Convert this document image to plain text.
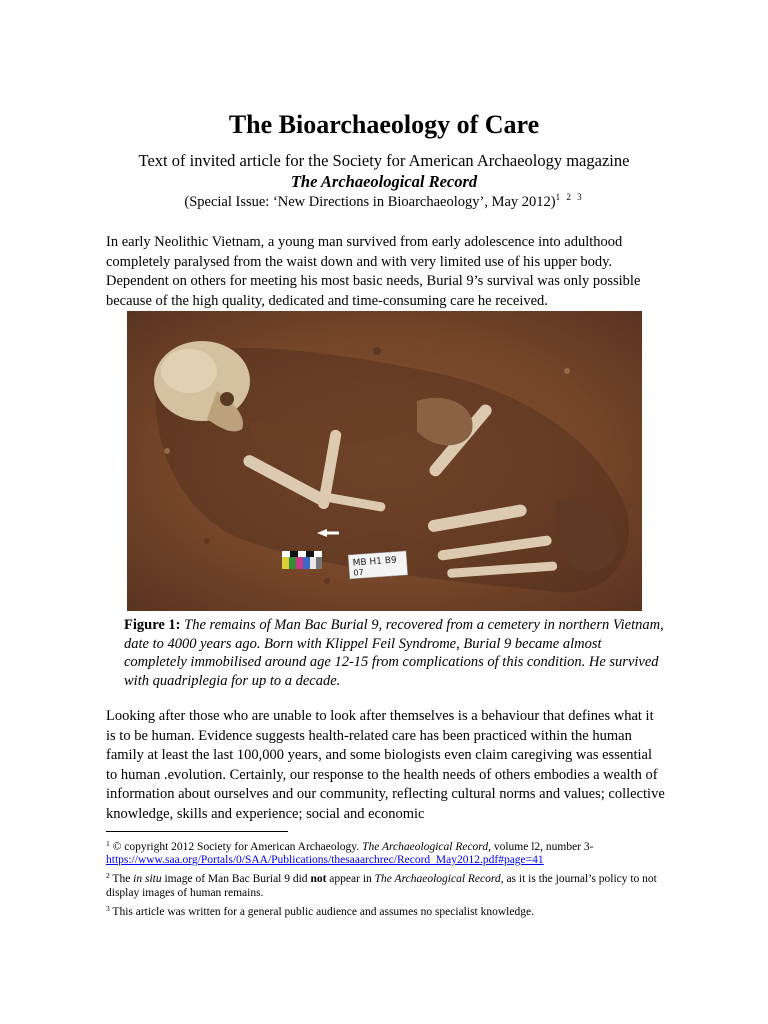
The Bioarchaeology of Care
Text of invited article for the Society for American Archaeology magazine
The Archaeological Record
(Special Issue: ‘New Directions in Bioarchaeology’, May 2012)$^{1 2 3}$

In early Neolithic Vietnam, a young man survived from early adolescence into adulthood completely paralysed from the waist down and with very limited use of his upper body. Dependent on others for meeting his most basic needs, Burial 9’s survival was only possible because of the high quality, dedicated and time-consuming care he received.

MB H1 B9
07

Figure 1: The remains of Man Bac Burial 9, recovered from a cemetery in northern Vietnam, date to 4000 years ago. Born with Klippel Feil Syndrome, Burial 9 became almost completely immobilised around age 12-15 from complications of this condition. He survived with quadriplegia for up to a decade.

Looking after those who are unable to look after themselves is a behaviour that defines what it is to be human. Evidence suggests health-related care has been practiced within the human family at least the last 100,000 years, and some biologists even claim caregiving was essential to human .evolution. Certainly, our response to the health needs of others embodies a wealth of information about ourselves and our community, reflecting cultural norms and values; collective knowledge, skills and experience; social and economic

$^1$ © copyright 2012 Society for American Archaeology. The Archaeological Record, volume l2, number 3-
https://www.saa.org/Portals/0/SAA/Publications/thesaaarchrec/Record_May2012.pdf#page=41

$^2$ The in situ image of Man Bac Burial 9 did not appear in The Archaeological Record, as it is the journal’s policy to not display images of human remains.

$^3$ This article was written for a general public audience and assumes no specialist knowledge.
